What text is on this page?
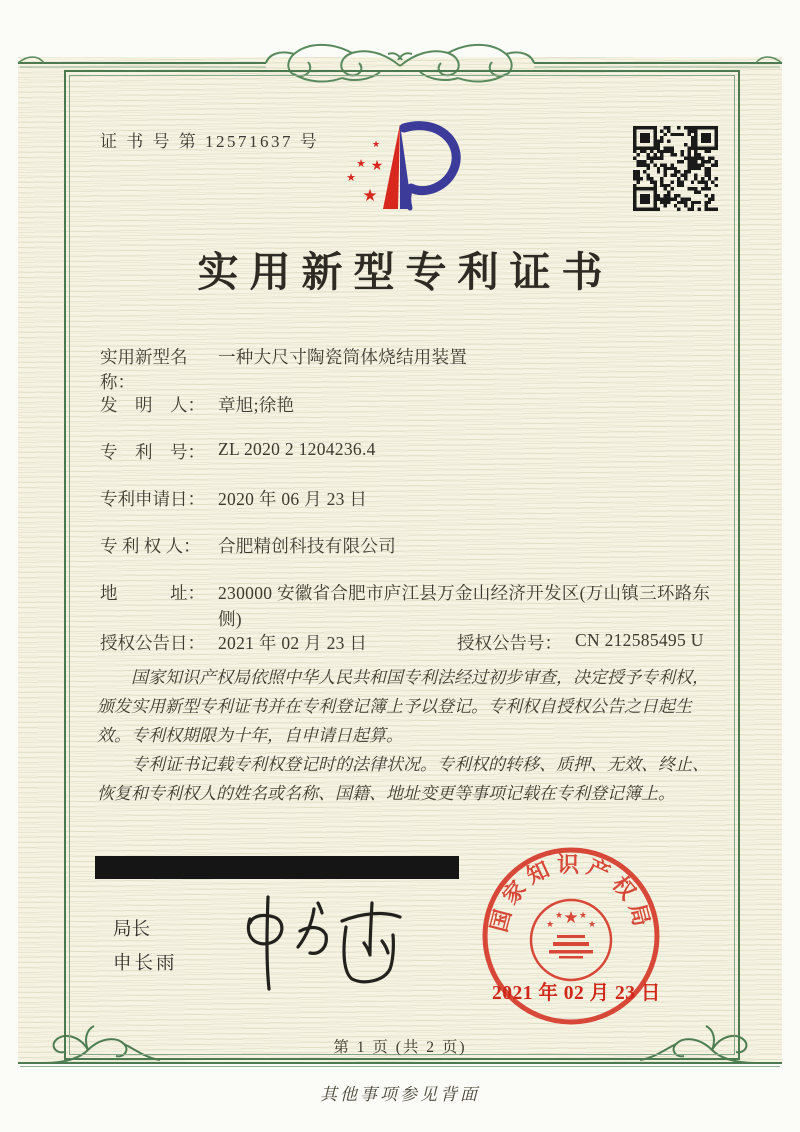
证 书 号 第 12571637 号	★
★ ★
★
★
实用新型专利证书
实用新型名称：
一种大尺寸陶瓷筒体烧结用装置
发　明　人： 章旭;徐艳
专　利　号： ZL 2020 2 1204236.4
专利申请日： 2020 年 06 月 23 日
专 利 权 人： 合肥精创科技有限公司
地　　　址： 230000 安徽省合肥市庐江县万金山经济开发区(万山镇三环路东侧)
授权公告日： 2021 年 02 月 23 日	授权公告号： CN 212585495 U

国家知识产权局依照中华人民共和国专利法经过初步审查，决定授予专利权，颁发实用新型专利证书并在专利登记簿上予以登记。专利权自授权公告之日起生效。专利权期限为十年，自申请日起算。

专利证书记载专利权登记时的法律状况。专利权的转移、质押、无效、终止、恢复和专利权人的姓名或名称、国籍、地址变更等事项记载在专利登记簿上。

局长
申长雨
国家知识产权局
★
★
★ ★
★
2021 年 02 月 23 日
第 1 页 (共 2 页)
其他事项参见背面
